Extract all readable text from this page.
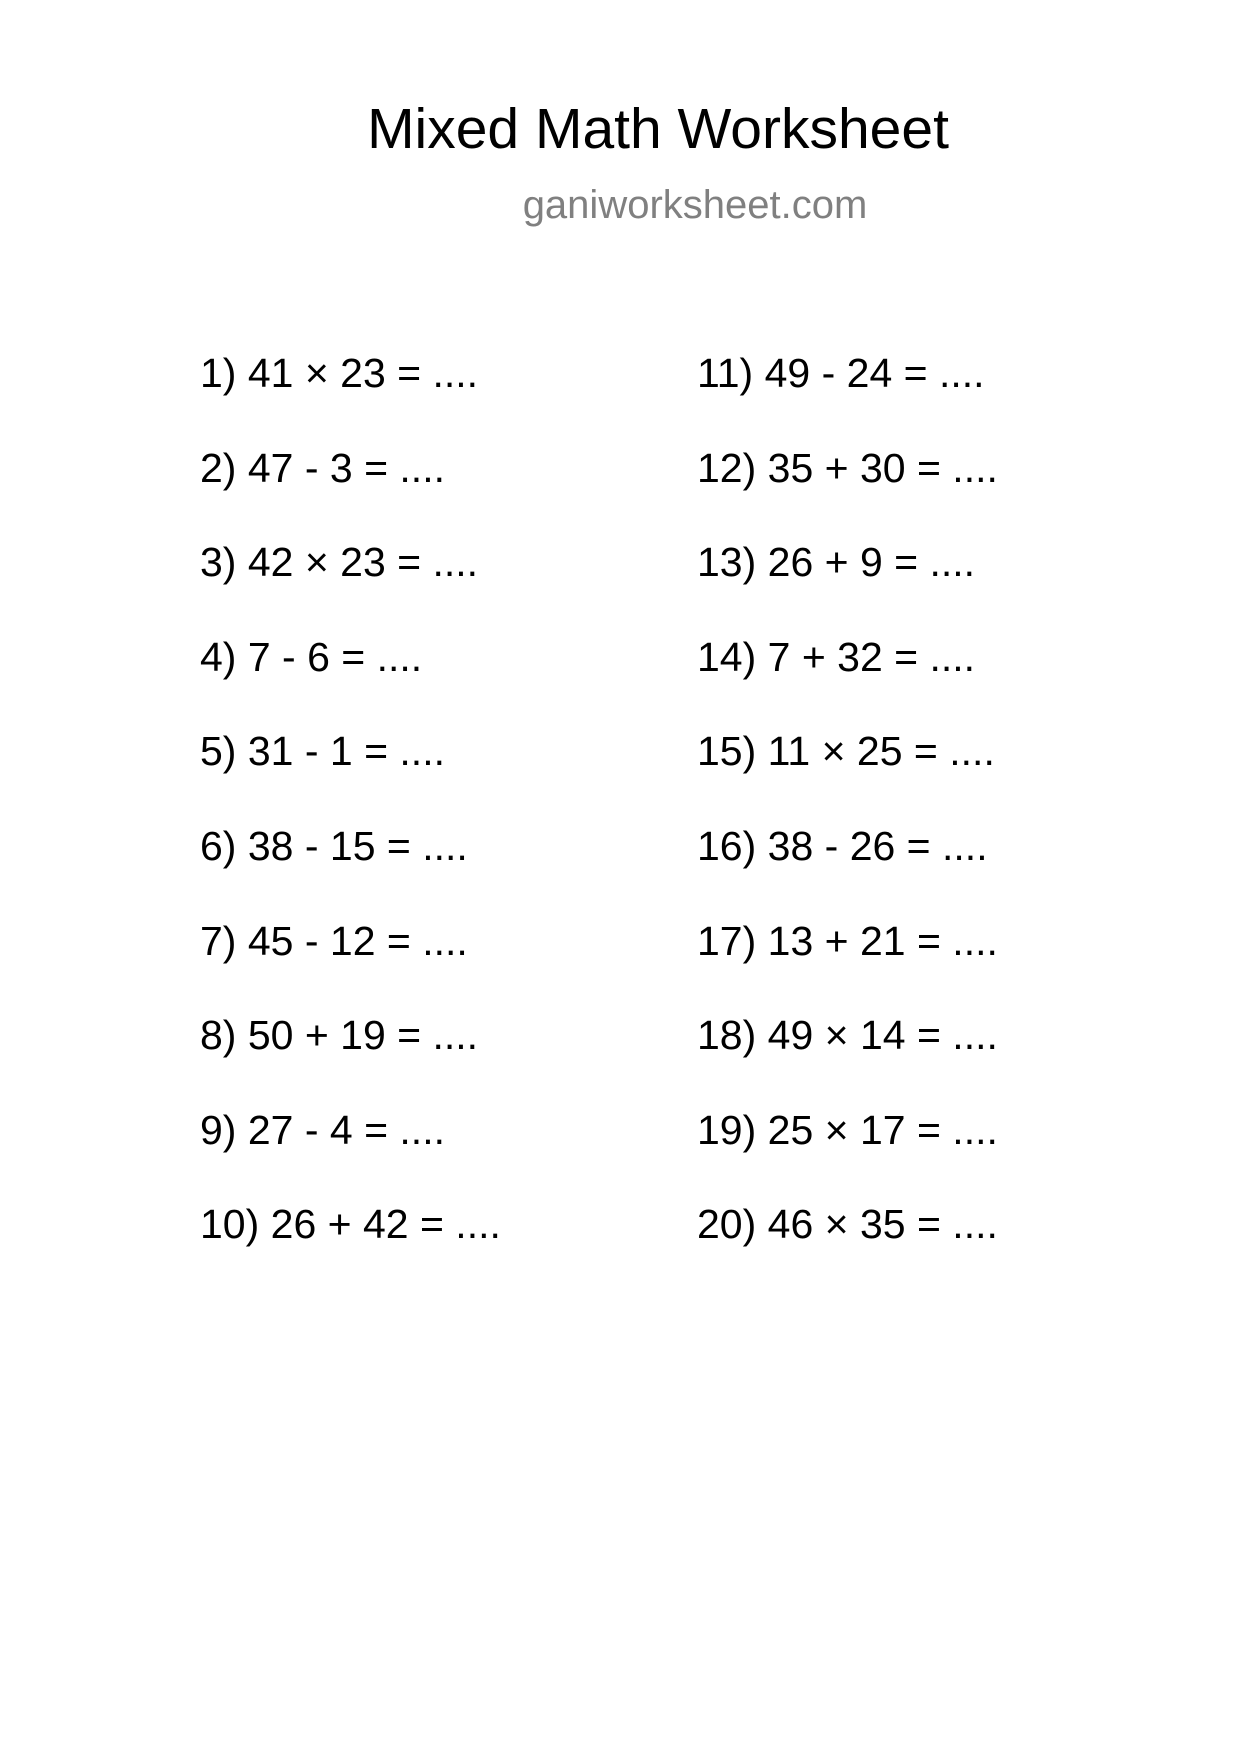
Mixed Math Worksheet
ganiworksheet.com
1) 41 × 23 = ....
2) 47 - 3 = ....
3) 42 × 23 = ....
4) 7 - 6 = ....
5) 31 - 1 = ....
6) 38 - 15 = ....
7) 45 - 12 = ....
8) 50 + 19 = ....
9) 27 - 4 = ....
10) 26 + 42 = ....
11) 49 - 24 = ....
12) 35 + 30 = ....
13) 26 + 9 = ....
14) 7 + 32 = ....
15) 11 × 25 = ....
16) 38 - 26 = ....
17) 13 + 21 = ....
18) 49 × 14 = ....
19) 25 × 17 = ....
20) 46 × 35 = ....
